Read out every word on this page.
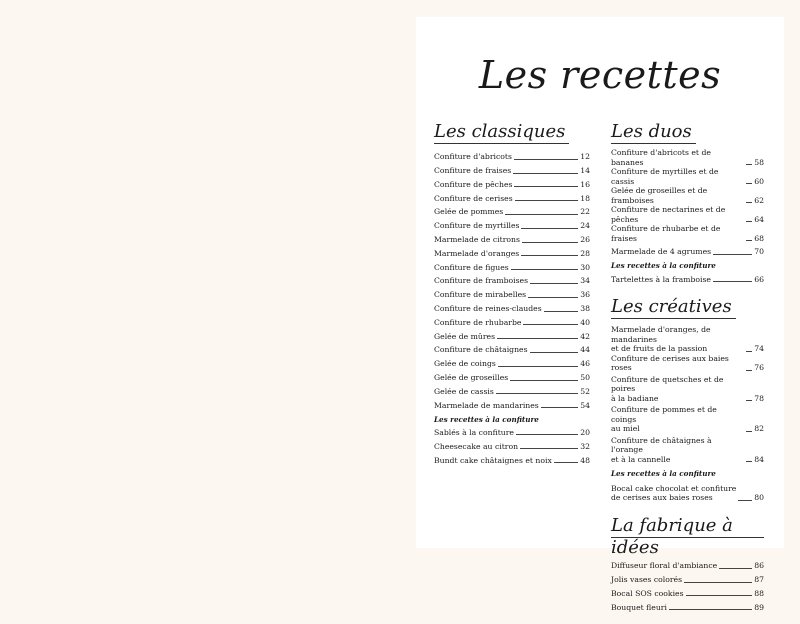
Les recettes
Les classiques
Confiture d'abricots	12
Confiture de fraises	14
Confiture de pêches	16
Confiture de cerises	18
Gelée de pommes	22
Confiture de myrtilles	24
Marmelade de citrons	26
Marmelade d'oranges	28
Confiture de figues	30
Confiture de framboises	34
Confiture de mirabelles	36
Confiture de reines-claudes	38
Confiture de rhubarbe	40
Gelée de mûres	42
Confiture de châtaignes	44
Gelée de coings	46
Gelée de groseilles	50
Gelée de cassis	52
Marmelade de mandarines	54
Les recettes à la confiture
Sablés à la confiture	20
Cheesecake au citron	32
Bundt cake châtaignes et noix	48
Les duos
Confiture d'abricots et de bananes	58
Confiture de myrtilles et de cassis	60
Gelée de groseilles et de framboises	62
Confiture de nectarines et de pêches	64
Confiture de rhubarbe et de fraises	68
Marmelade de 4 agrumes	70
Les recettes à la confiture
Tartelettes à la framboise	66
Les créatives
Marmelade d'oranges, de mandarines
et de fruits de la passion	74
Confiture de cerises aux baies roses	76
Confiture de quetsches et de poires
à la badiane	78
Confiture de pommes et de coings
au miel	82
Confiture de châtaignes à l'orange
et à la cannelle	84
Les recettes à la confiture
Bocal cake chocolat et confiture
de cerises aux baies roses	80
La fabrique à idées
Diffuseur floral d'ambiance	86
Jolis vases colorés	87
Bocal SOS cookies	88
Bouquet fleuri	89
